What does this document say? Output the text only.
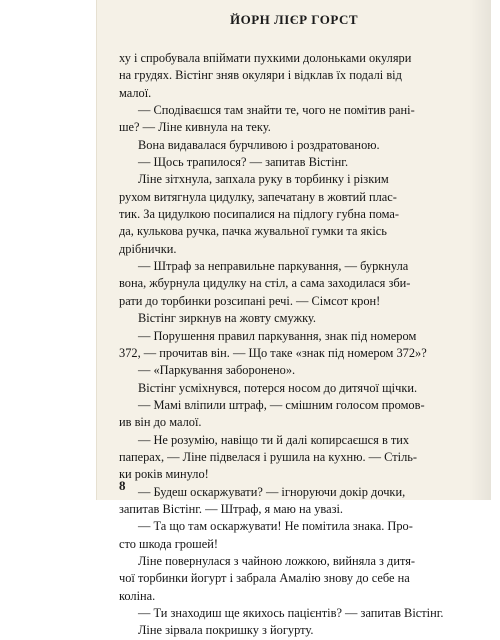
ЙОРН ЛІЄР ГОРСТ
ху і спробувала впіймати пухкими долоньками окуляри
на грудях. Вістінг зняв окуляри і відклав їх подалі від
малої.
— Сподіваєшся там знайти те, чого не помітив рані-
ше? — Ліне кивнула на теку.
Вона видавалася бурчливою і роздратованою.
— Щось трапилося? — запитав Вістінг.
Ліне зітхнула, запхала руку в торбинку і різким
рухом витягнула цидулку, запечатану в жовтий плас-
тик. За цидулкою посипалися на підлогу губна пома-
да, кулькова ручка, пачка жувальної гумки та якісь
дрібнички.
— Штраф за неправильне паркування, — буркнула
вона, жбурнула цидулку на стіл, а сама заходилася зби-
рати до торбинки розсипані речі. — Сімсот крон!
Вістінг зиркнув на жовту смужку.
— Порушення правил паркування, знак під номером
372, — прочитав він. — Що таке «знак під номером 372»?
— «Паркування заборонено».
Вістінг усміхнувся, потерся носом до дитячої щічки.
— Мамі вліпили штраф, — смішним голосом промов-
ив він до малої.
— Не розумію, навіщо ти й далі копирсаєшся в тих
паперах, — Ліне підвелася і рушила на кухню. — Стіль-
ки років минуло!
— Будеш оскаржувати? — ігноруючи докір дочки,
запитав Вістінг. — Штраф, я маю на увазі.
— Та що там оскаржувати! Не помітила знака. Про-
сто шкода грошей!
Ліне повернулася з чайною ложкою, вийняла з дитя-
чої торбинки йогурт і забрала Амалію знову до себе на
коліна.
— Ти знаходиш ще якихось пацієнтів? — запитав Вістінг.
Ліне зірвала покришку з йогурту.
8
